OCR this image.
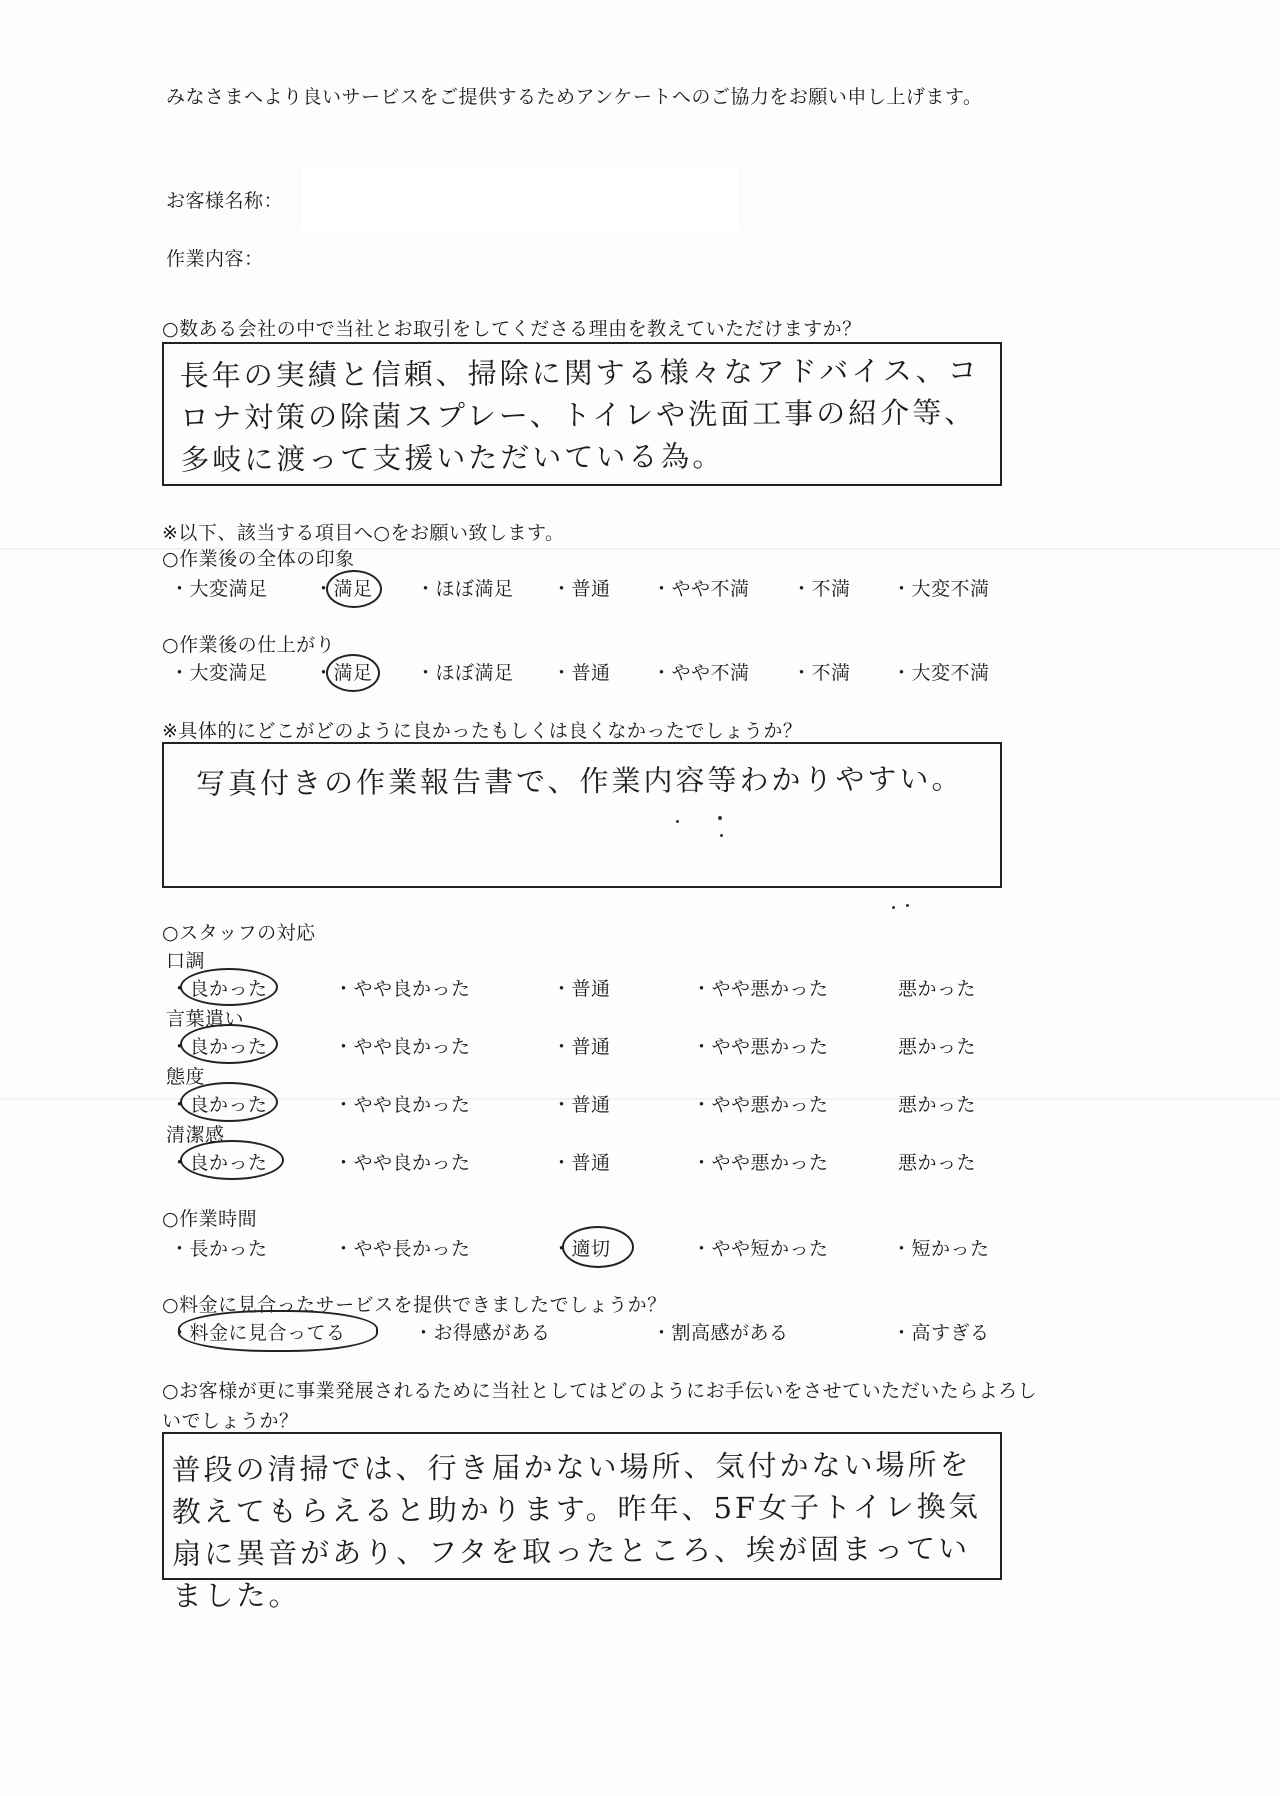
みなさまへより良いサービスをご提供するためアンケートへのご協力をお願い申し上げます。
お客様名称：
作業内容：
○数ある会社の中で当社とお取引をしてくださる理由を教えていただけますか？
長年の実績と信頼、掃除に関する様々なアドバイス、コロナ対策の除菌スプレー、トイレや洗面工事の紹介等、多岐に渡って支援いただいている為。
※以下、該当する項目へ○をお願い致します。
○作業後の全体の印象
・大変満足 ・満足 ・ほぼ満足 ・普通 ・やや不満 ・不満 ・大変不満
○作業後の仕上がり
・大変満足 ・満足 ・ほぼ満足 ・普通 ・やや不満 ・不満 ・大変不満
※具体的にどこがどのように良かったもしくは良くなかったでしょうか？
写真付きの作業報告書で、作業内容等わかりやすい。
○スタッフの対応
口調
・良かった	・やや良かった	・普通	・やや悪かった	悪かった
言葉遣い
・良かった	・やや良かった	・普通	・やや悪かった	悪かった
態度
・良かった	・やや良かった	・普通	・やや悪かった	悪かった
清潔感
・良かった	・やや良かった	・普通	・やや悪かった	悪かった
○作業時間
・長かった	・やや長かった	・適切	・やや短かった	・短かった
○料金に見合ったサービスを提供できましたでしょうか？
・料金に見合ってる	・お得感がある	・割高感がある	・高すぎる
○お客様が更に事業発展されるために当社としてはどのようにお手伝いをさせていただいたらよろしいでしょうか？
普段の清掃では、行き届かない場所、気付かない場所を教えてもらえると助かります。昨年、5F女子トイレ換気扇に異音があり、フタを取ったところ、埃が固まっていました。
